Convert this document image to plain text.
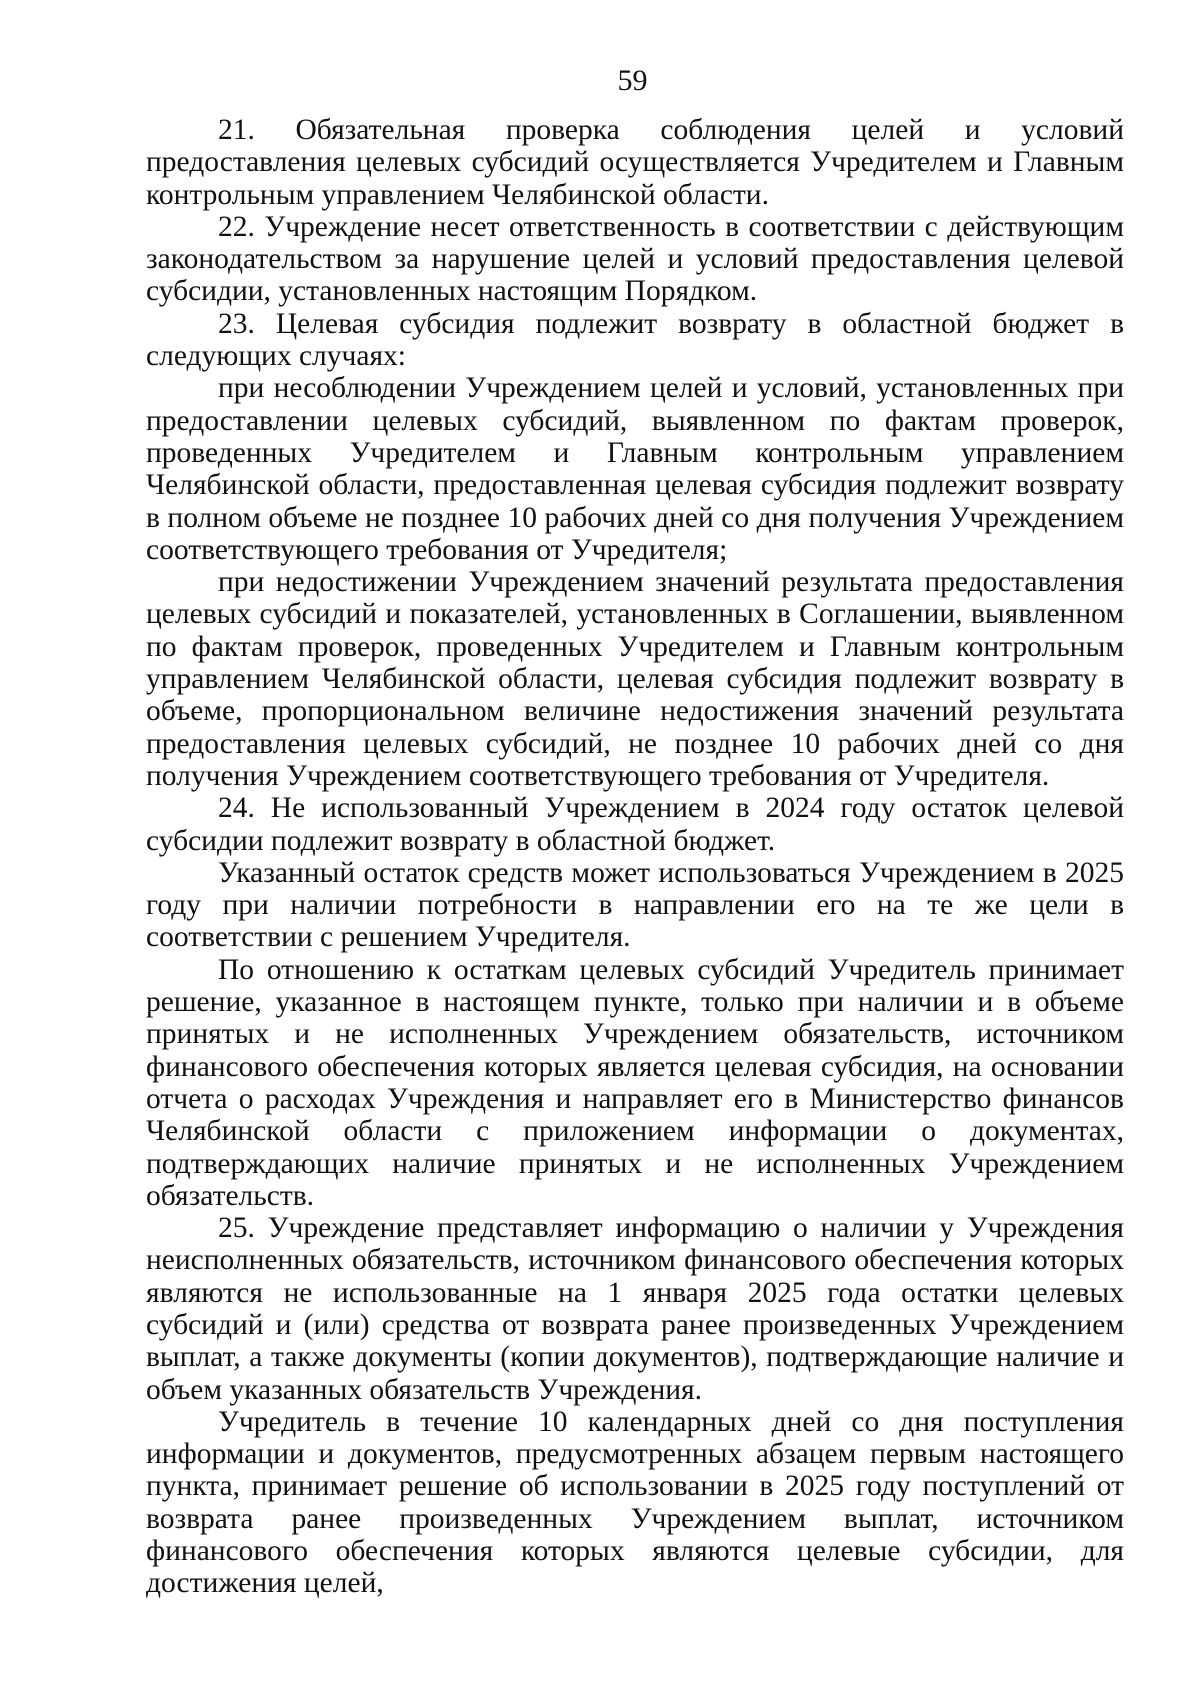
59

21. Обязательная проверка соблюдения целей и условий предоставления целевых субсидий осуществляется Учредителем и Главным контрольным управлением Челябинской области.

22. Учреждение несет ответственность в соответствии с действующим законодательством за нарушение целей и условий предоставления целевой субсидии, установленных настоящим Порядком.

23. Целевая субсидия подлежит возврату в областной бюджет в следующих случаях:

при несоблюдении Учреждением целей и условий, установленных при предоставлении целевых субсидий, выявленном по фактам проверок, проведенных Учредителем и Главным контрольным управлением Челябинской области, предоставленная целевая субсидия подлежит возврату в полном объеме не позднее 10 рабочих дней со дня получения Учреждением соответствующего требования от Учредителя;

при недостижении Учреждением значений результата предоставления целевых субсидий и показателей, установленных в Соглашении, выявленном по фактам проверок, проведенных Учредителем и Главным контрольным управлением Челябинской области, целевая субсидия подлежит возврату в объеме, пропорциональном величине недостижения значений результата предоставления целевых субсидий, не позднее 10 рабочих дней со дня получения Учреждением соответствующего требования от Учредителя.

24. Не использованный Учреждением в 2024 году остаток целевой субсидии подлежит возврату в областной бюджет.

Указанный остаток средств может использоваться Учреждением в 2025 году при наличии потребности в направлении его на те же цели в соответствии с решением Учредителя.

По отношению к остаткам целевых субсидий Учредитель принимает решение, указанное в настоящем пункте, только при наличии и в объеме принятых и не исполненных Учреждением обязательств, источником финансового обеспечения которых является целевая субсидия, на основании отчета о расходах Учреждения и направляет его в Министерство финансов Челябинской области с приложением информации о документах, подтверждающих наличие принятых и не исполненных Учреждением обязательств.

25. Учреждение представляет информацию о наличии у Учреждения неисполненных обязательств, источником финансового обеспечения которых являются не использованные на 1 января 2025 года остатки целевых субсидий и (или) средства от возврата ранее произведенных Учреждением выплат, а также документы (копии документов), подтверждающие наличие и объем указанных обязательств Учреждения.

Учредитель в течение 10 календарных дней со дня поступления информации и документов, предусмотренных абзацем первым настоящего пункта, принимает решение об использовании в 2025 году поступлений от возврата ранее произведенных Учреждением выплат, источником финансового обеспечения которых являются целевые субсидии, для достижения целей,
